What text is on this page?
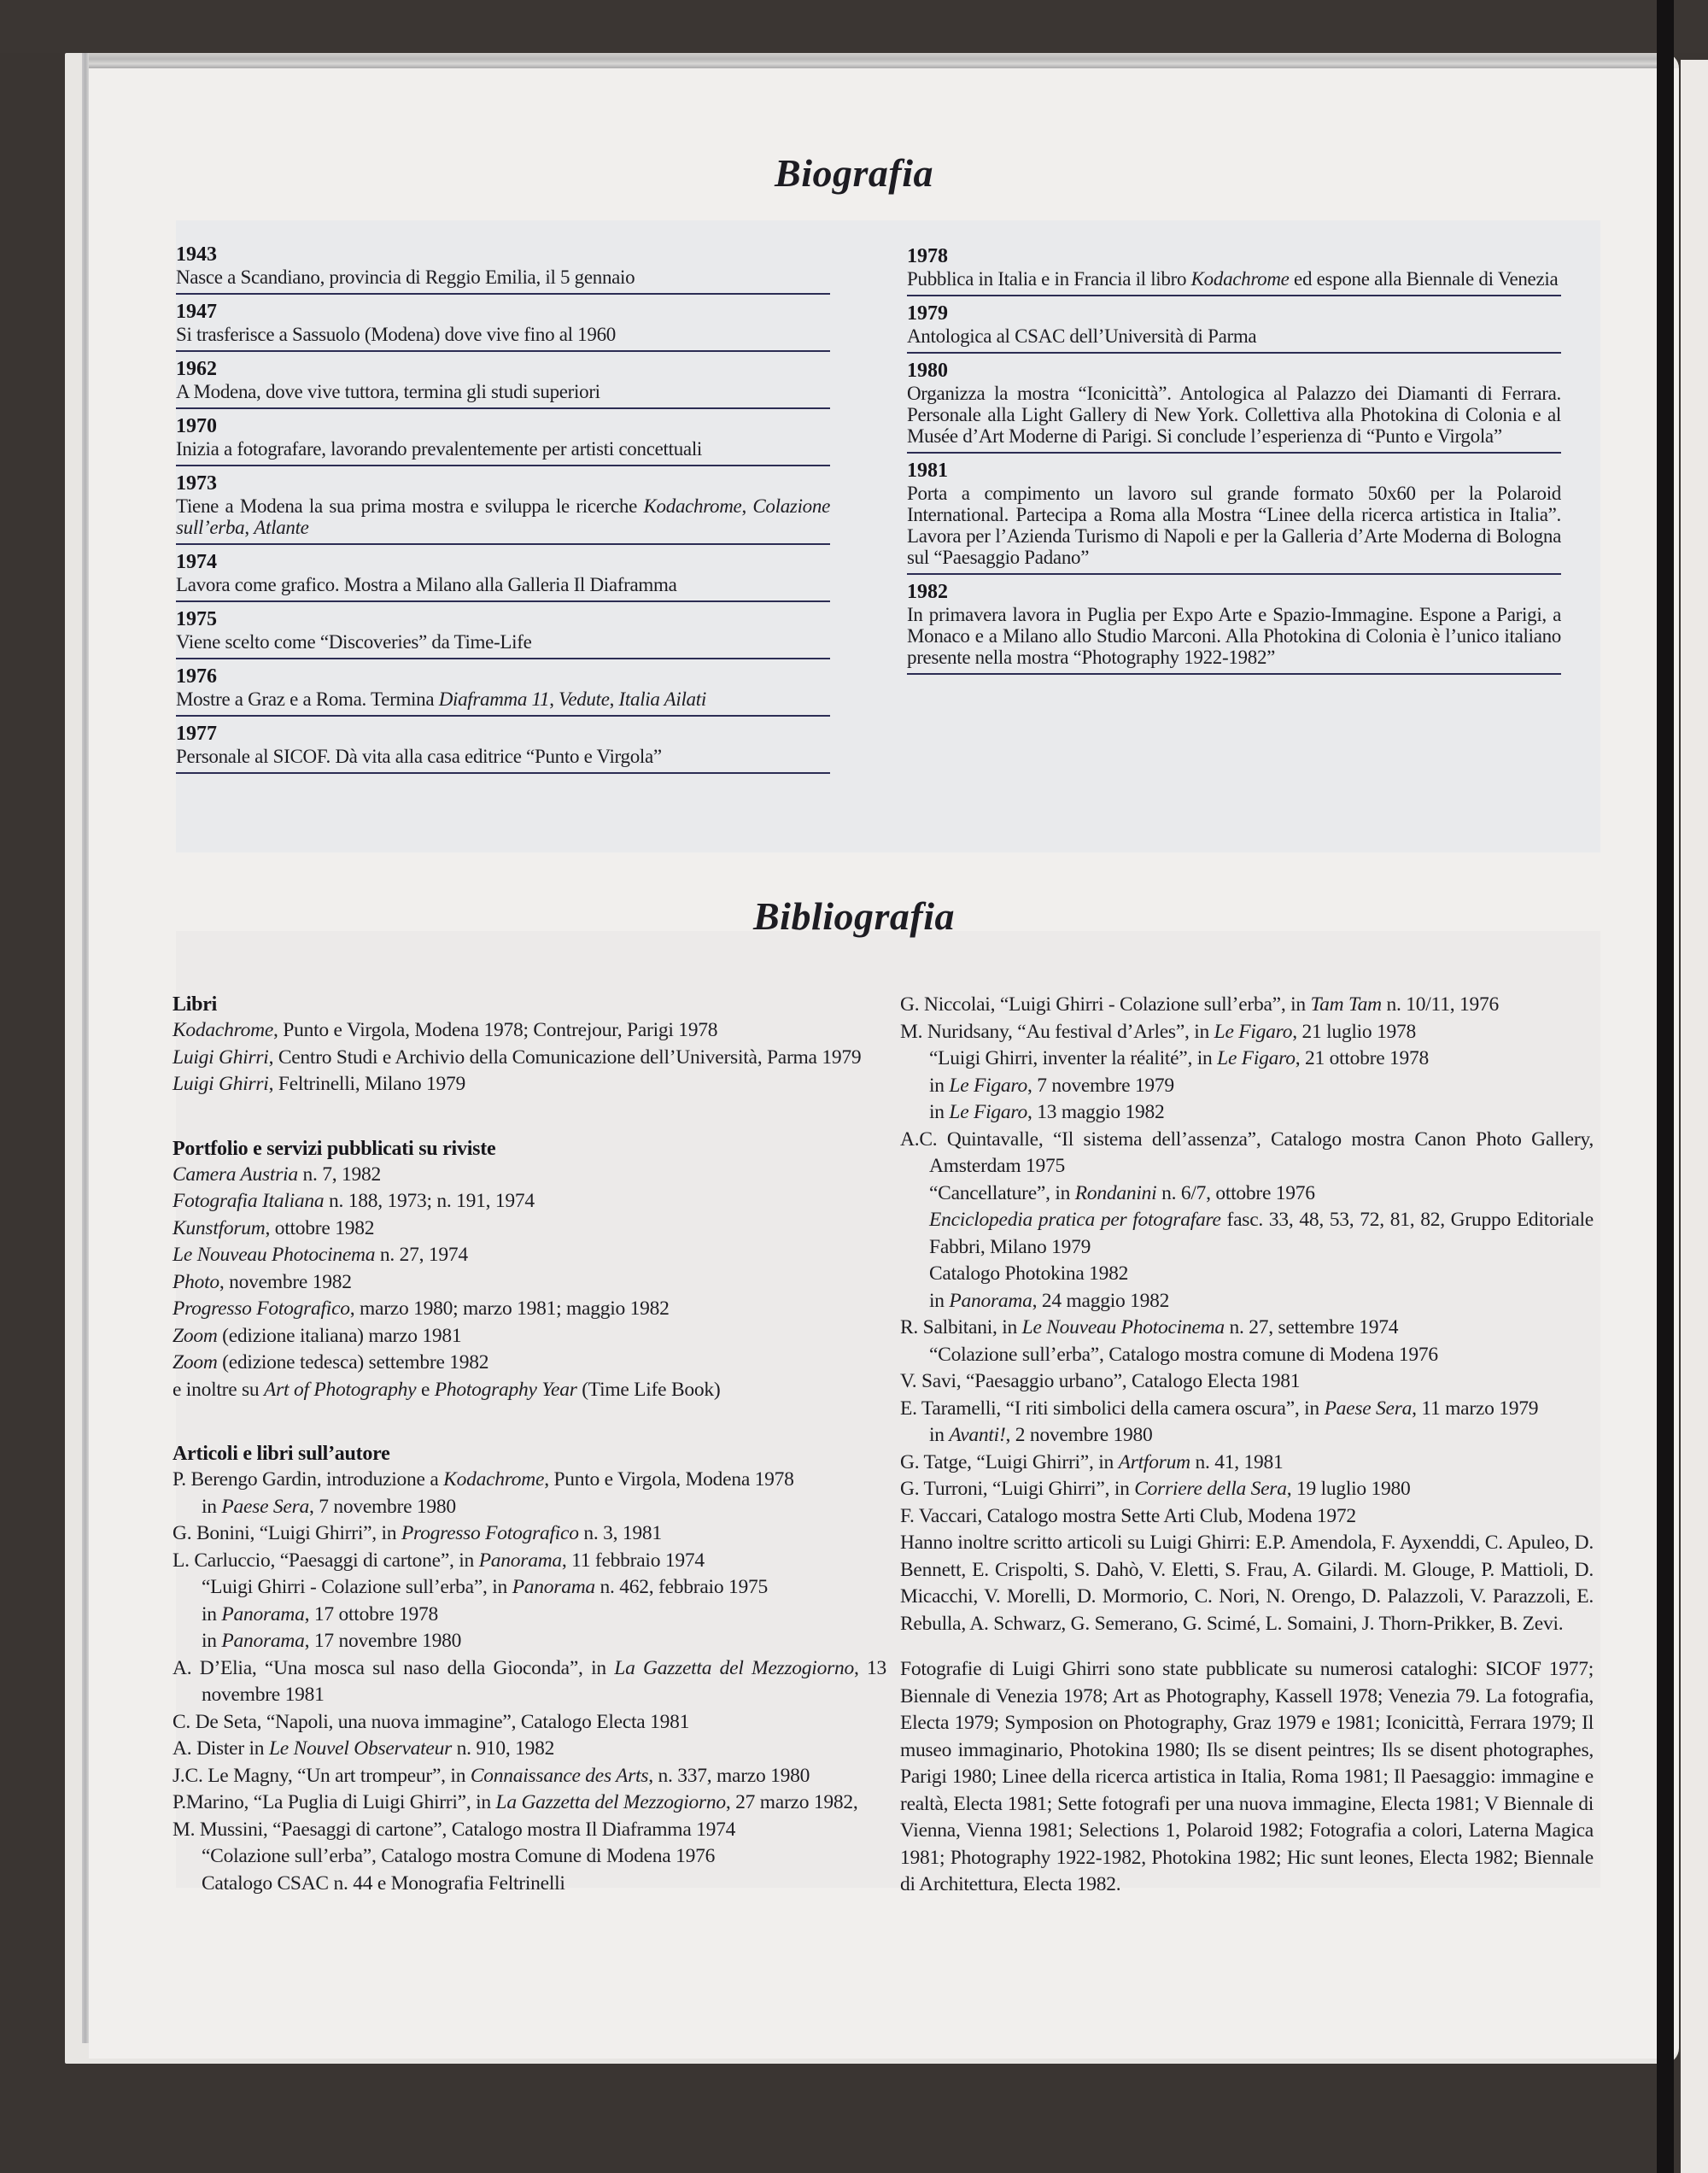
Biografia
1943
Nasce a Scandiano, provincia di Reggio Emilia, il 5 gennaio
1947
Si trasferisce a Sassuolo (Modena) dove vive fino al 1960
1962
A Modena, dove vive tuttora, termina gli studi superiori
1970
Inizia a fotografare, lavorando prevalentemente per artisti concettuali
1973
Tiene a Modena la sua prima mostra e sviluppa le ricerche Kodachrome, Colazione sull’erba, Atlante
1974
Lavora come grafico. Mostra a Milano alla Galleria Il Diaframma
1975
Viene scelto come “Discoveries” da Time-Life
1976
Mostre a Graz e a Roma. Termina Diaframma 11, Vedute, Italia Ailati
1977
Personale al SICOF. Dà vita alla casa editrice “Punto e Virgola”
1978
Pubblica in Italia e in Francia il libro Kodachrome ed espone alla Biennale di Venezia
1979
Antologica al CSAC dell’Università di Parma
1980
Organizza la mostra “Iconicittà”. Antologica al Palazzo dei Diamanti di Ferrara. Personale alla Light Gallery di New York. Collettiva alla Photokina di Colonia e al Musée d’Art Moderne di Parigi. Si conclude l’esperienza di “Punto e Virgola”
1981
Porta a compimento un lavoro sul grande formato 50x60 per la Polaroid International. Partecipa a Roma alla Mostra “Linee della ricerca artistica in Italia”. Lavora per l’Azienda Turismo di Napoli e per la Galleria d’Arte Moderna di Bologna sul “Paesaggio Padano”
1982
In primavera lavora in Puglia per Expo Arte e Spazio-Immagine. Espone a Parigi, a Monaco e a Milano allo Studio Marconi. Alla Photokina di Colonia è l’unico italiano presente nella mostra “Photography 1922-1982”
Bibliografia
Libri
Kodachrome, Punto e Virgola, Modena 1978; Contrejour, Parigi 1978
Luigi Ghirri, Centro Studi e Archivio della Comunicazione dell’Università, Parma 1979
Luigi Ghirri, Feltrinelli, Milano 1979
Portfolio e servizi pubblicati su riviste
Camera Austria n. 7, 1982
Fotografia Italiana n. 188, 1973; n. 191, 1974
Kunstforum, ottobre 1982
Le Nouveau Photocinema n. 27, 1974
Photo, novembre 1982
Progresso Fotografico, marzo 1980; marzo 1981; maggio 1982
Zoom (edizione italiana) marzo 1981
Zoom (edizione tedesca) settembre 1982
e inoltre su Art of Photography e Photography Year (Time Life Book)
Articoli e libri sull’autore
P. Berengo Gardin, introduzione a Kodachrome, Punto e Virgola, Modena 1978
in Paese Sera, 7 novembre 1980
G. Bonini, “Luigi Ghirri”, in Progresso Fotografico n. 3, 1981
L. Carluccio, “Paesaggi di cartone”, in Panorama, 11 febbraio 1974
“Luigi Ghirri - Colazione sull’erba”, in Panorama n. 462, febbraio 1975
in Panorama, 17 ottobre 1978
in Panorama, 17 novembre 1980
A. D’Elia, “Una mosca sul naso della Gioconda”, in La Gazzetta del Mezzogiorno, 13 novembre 1981
C. De Seta, “Napoli, una nuova immagine”, Catalogo Electa 1981
A. Dister in Le Nouvel Observateur n. 910, 1982
J.C. Le Magny, “Un art trompeur”, in Connaissance des Arts, n. 337, marzo 1980
P.Marino, “La Puglia di Luigi Ghirri”, in La Gazzetta del Mezzogiorno, 27 marzo 1982,
M. Mussini, “Paesaggi di cartone”, Catalogo mostra Il Diaframma 1974
“Colazione sull’erba”, Catalogo mostra Comune di Modena 1976
Catalogo CSAC n. 44 e Monografia Feltrinelli
G. Niccolai, “Luigi Ghirri - Colazione sull’erba”, in Tam Tam n. 10/11, 1976
M. Nuridsany, “Au festival d’Arles”, in Le Figaro, 21 luglio 1978
“Luigi Ghirri, inventer la réalité”, in Le Figaro, 21 ottobre 1978
in Le Figaro, 7 novembre 1979
in Le Figaro, 13 maggio 1982
A.C. Quintavalle, “Il sistema dell’assenza”, Catalogo mostra Canon Photo Gallery, Amsterdam 1975
“Cancellature”, in Rondanini n. 6/7, ottobre 1976
Enciclopedia pratica per fotografare fasc. 33, 48, 53, 72, 81, 82, Gruppo Editoriale Fabbri, Milano 1979
Catalogo Photokina 1982
in Panorama, 24 maggio 1982
R. Salbitani, in Le Nouveau Photocinema n. 27, settembre 1974
“Colazione sull’erba”, Catalogo mostra comune di Modena 1976
V. Savi, “Paesaggio urbano”, Catalogo Electa 1981
E. Taramelli, “I riti simbolici della camera oscura”, in Paese Sera, 11 marzo 1979
in Avanti!, 2 novembre 1980
G. Tatge, “Luigi Ghirri”, in Artforum n. 41, 1981
G. Turroni, “Luigi Ghirri”, in Corriere della Sera, 19 luglio 1980
F. Vaccari, Catalogo mostra Sette Arti Club, Modena 1972
Hanno inoltre scritto articoli su Luigi Ghirri: E.P. Amendola, F. Ayxenddi, C. Apuleo, D. Bennett, E. Crispolti, S. Dahò, V. Eletti, S. Frau, A. Gilardi. M. Glouge, P. Mattioli, D. Micacchi, V. Morelli, D. Mormorio, C. Nori, N. Orengo, D. Palazzoli, V. Parazzoli, E. Rebulla, A. Schwarz, G. Semerano, G. Scimé, L. Somaini, J. Thorn-Prikker, B. Zevi.
Fotografie di Luigi Ghirri sono state pubblicate su numerosi cataloghi: SICOF 1977; Biennale di Venezia 1978; Art as Photography, Kassell 1978; Venezia 79. La fotografia, Electa 1979; Symposion on Photography, Graz 1979 e 1981; Iconicittà, Ferrara 1979; Il museo immaginario, Photokina 1980; Ils se disent peintres; Ils se disent photographes, Parigi 1980; Linee della ricerca artistica in Italia, Roma 1981; Il Paesaggio: immagine e realtà, Electa 1981; Sette fotografi per una nuova immagine, Electa 1981; V Biennale di Vienna, Vienna 1981; Selections 1, Polaroid 1982; Fotografia a colori, Laterna Magica 1981; Photography 1922-1982, Photokina 1982; Hic sunt leones, Electa 1982; Biennale di Architettura, Electa 1982.
